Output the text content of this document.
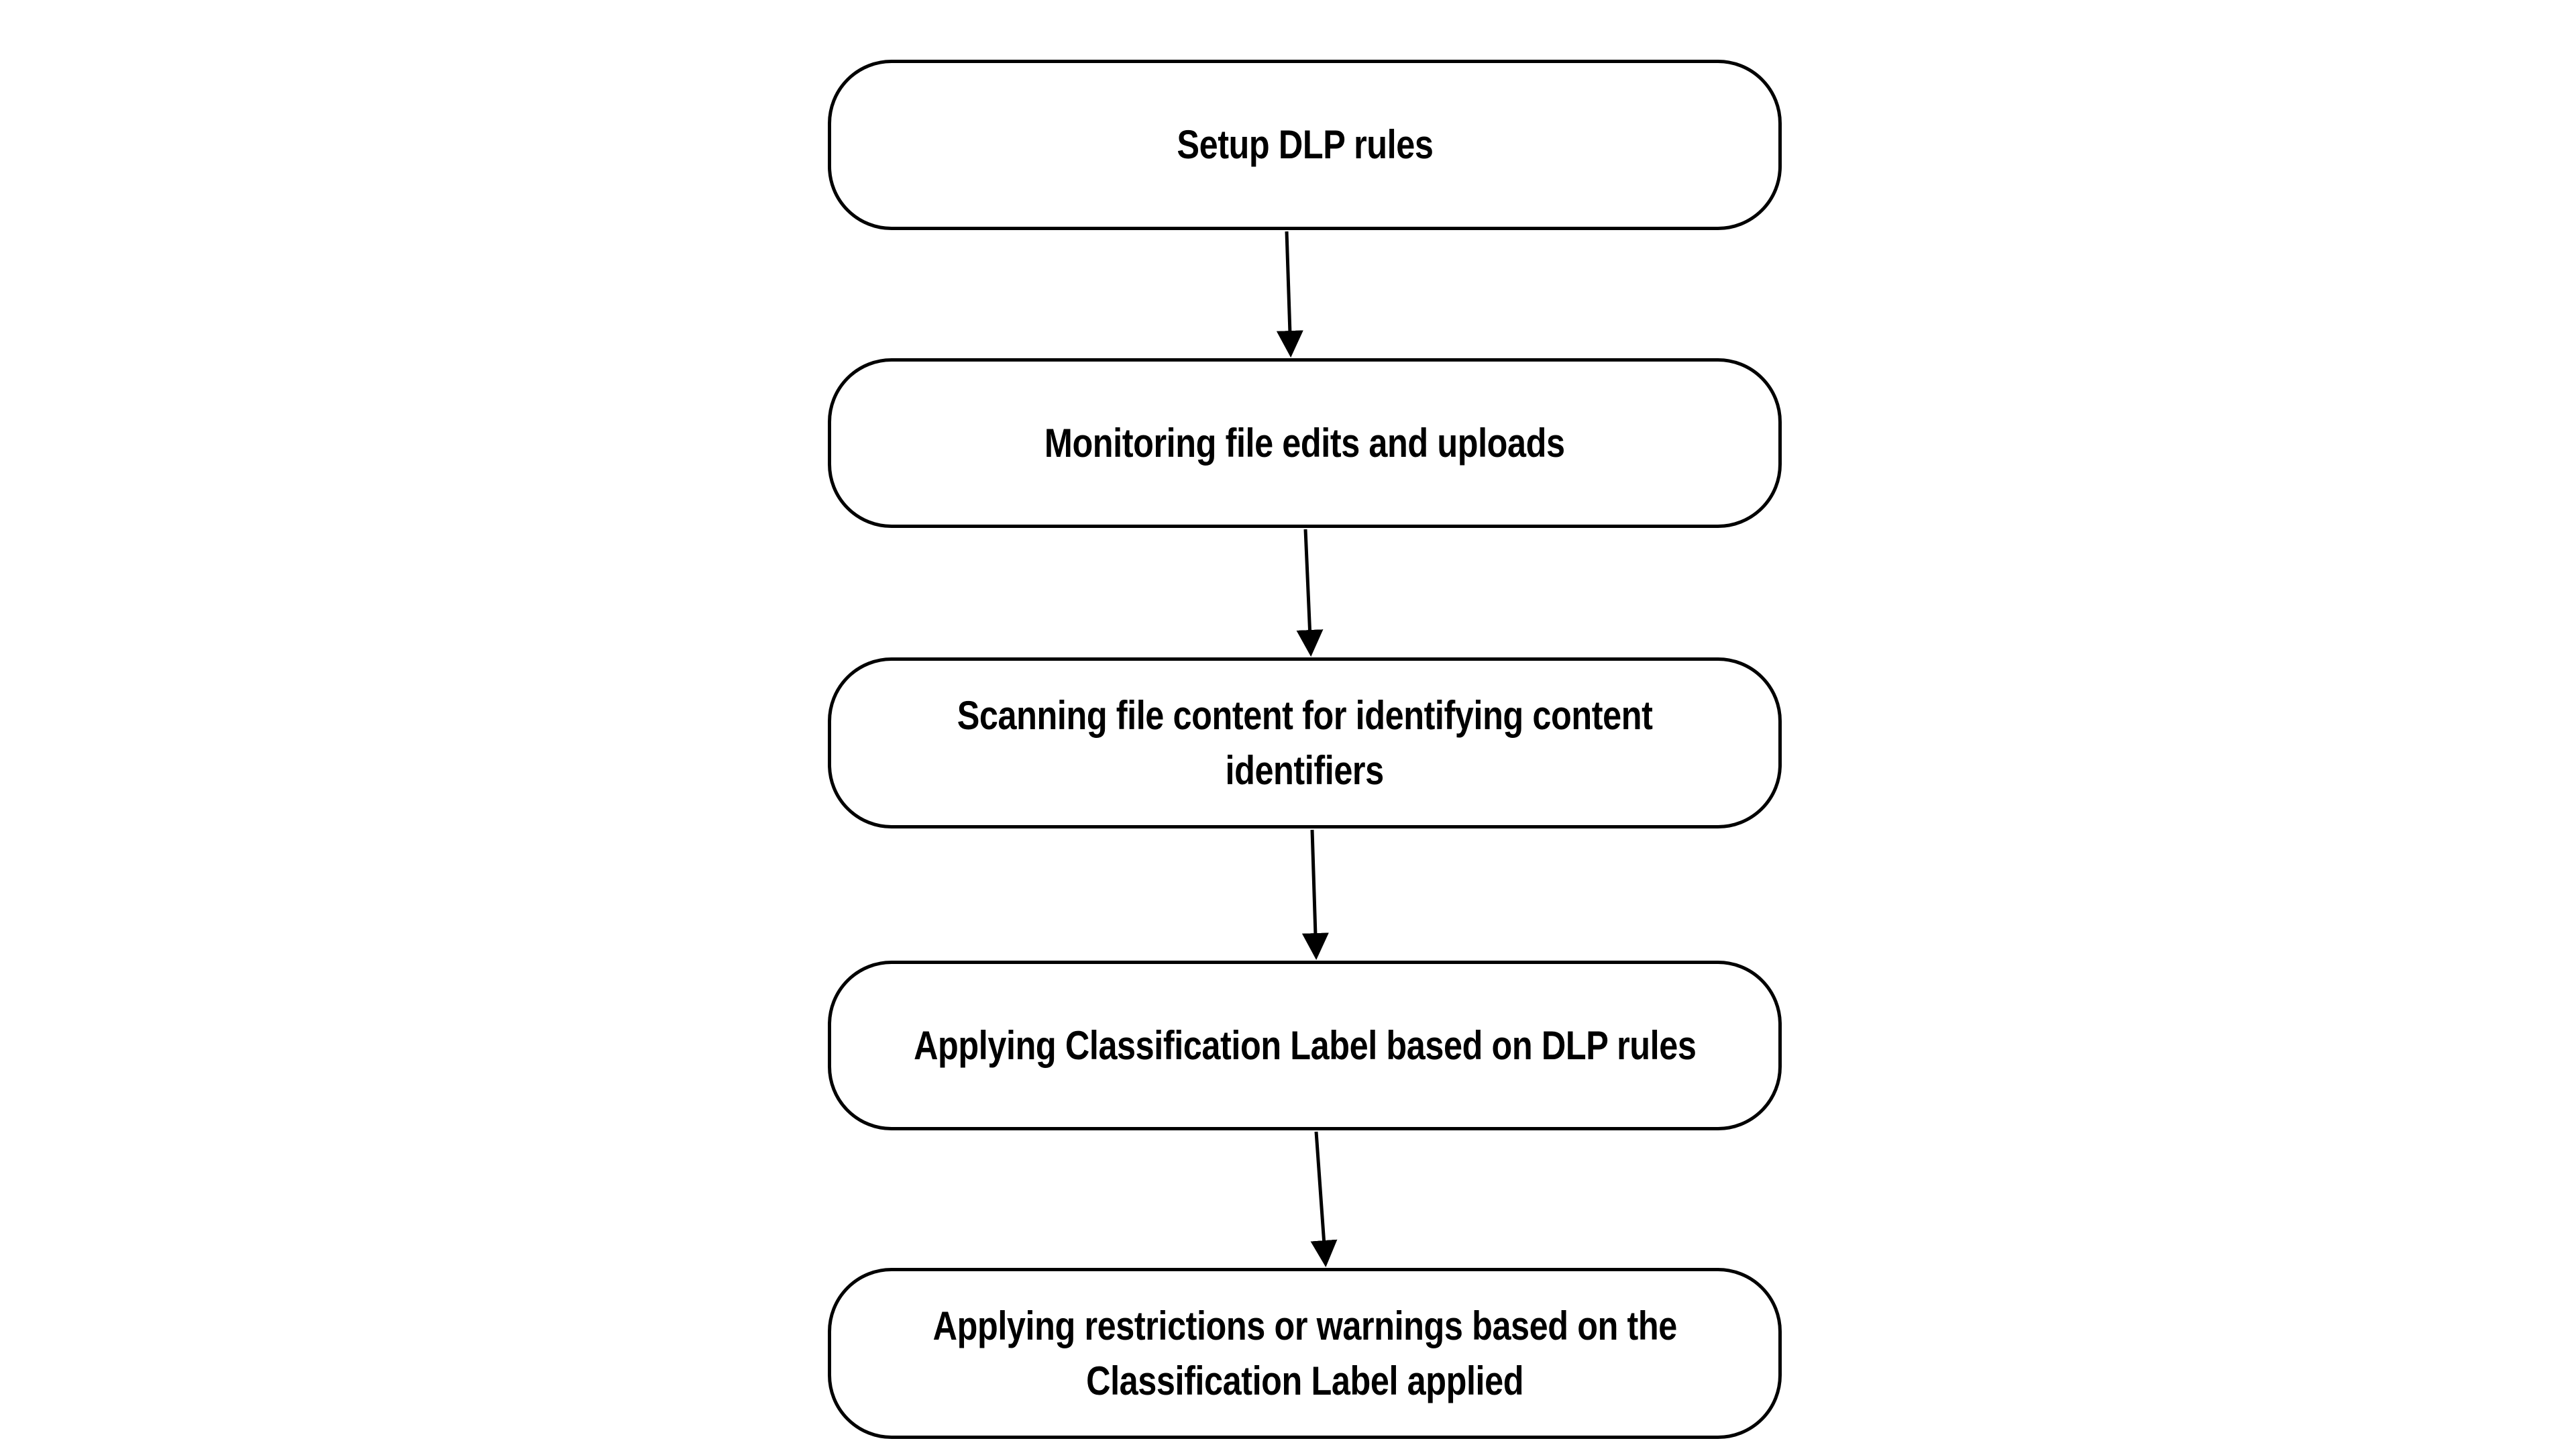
Setup DLP rules
Monitoring file edits and uploads
Scanning file content for identifying content
identifiers
Applying Classification Label based on DLP rules
Applying restrictions or warnings based on the
Classification Label applied
